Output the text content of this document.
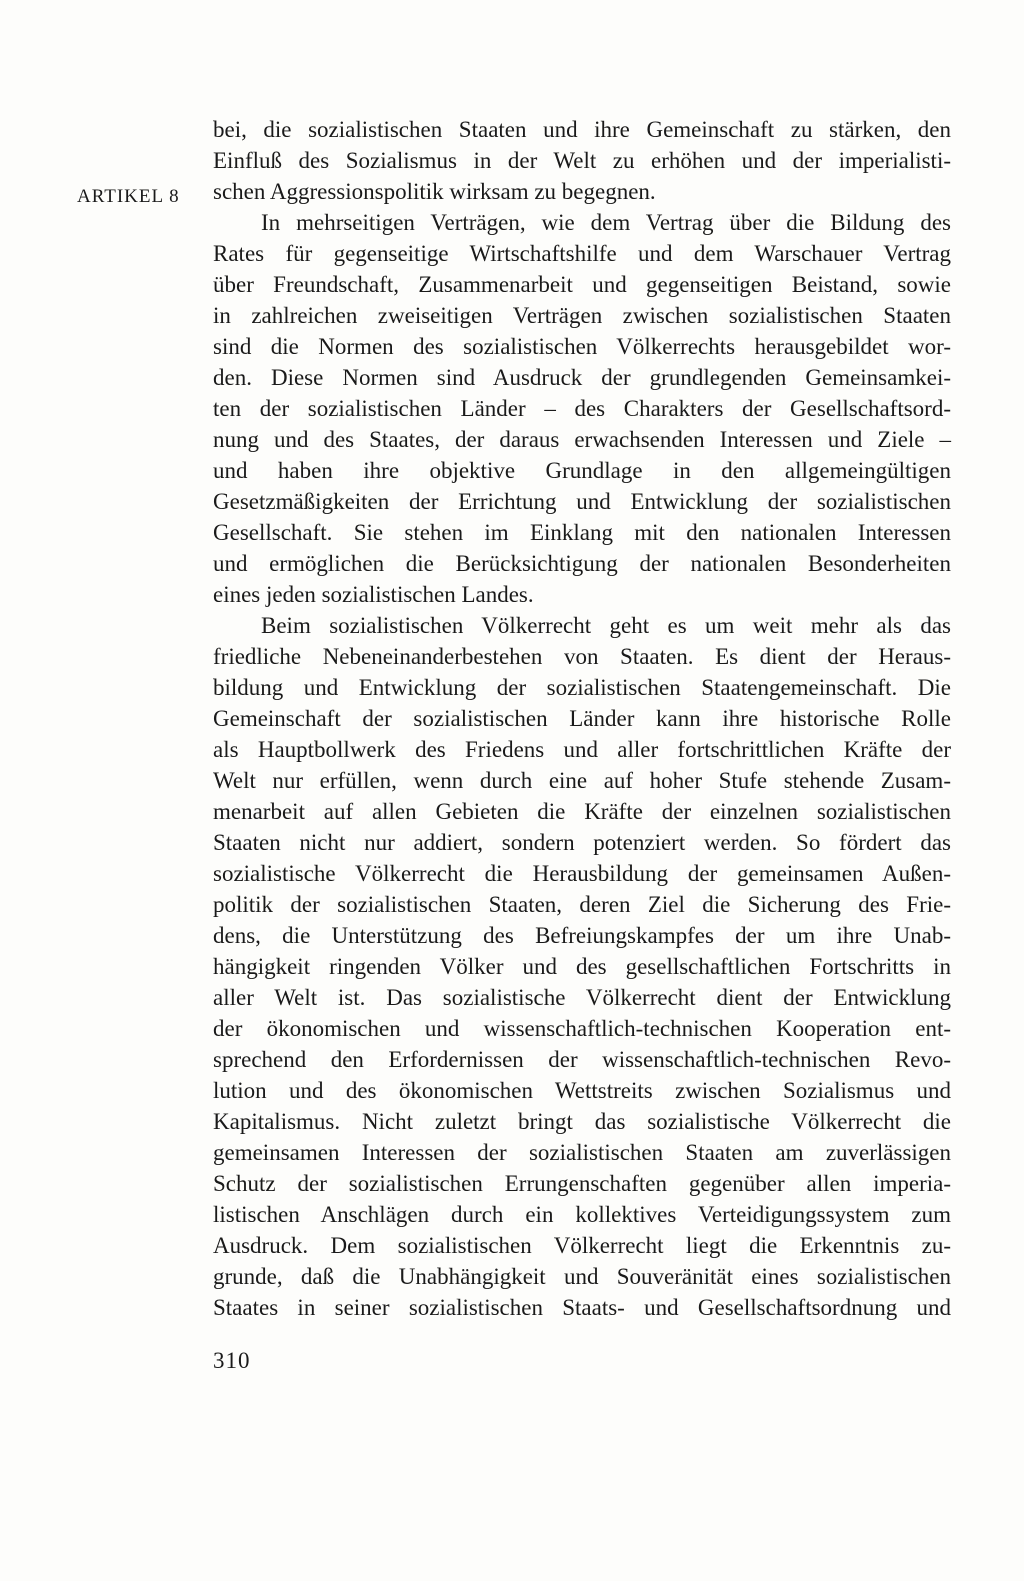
ARTIKEL 8
bei, die sozialistischen Staaten und ihre Gemeinschaft zu stärken, den
Einfluß des Sozialismus in der Welt zu erhöhen und der imperialisti-
schen Aggressionspolitik wirksam zu begegnen.
In mehrseitigen Verträgen, wie dem Vertrag über die Bildung des
Rates für gegenseitige Wirtschaftshilfe und dem Warschauer Vertrag
über Freundschaft, Zusammenarbeit und gegenseitigen Beistand, sowie
in zahlreichen zweiseitigen Verträgen zwischen sozialistischen Staaten
sind die Normen des sozialistischen Völkerrechts herausgebildet wor-
den. Diese Normen sind Ausdruck der grundlegenden Gemeinsamkei-
ten der sozialistischen Länder – des Charakters der Gesellschaftsord-
nung und des Staates, der daraus erwachsenden Interessen und Ziele –
und haben ihre objektive Grundlage in den allgemeingültigen
Gesetzmäßigkeiten der Errichtung und Entwicklung der sozialistischen
Gesellschaft. Sie stehen im Einklang mit den nationalen Interessen
und ermöglichen die Berücksichtigung der nationalen Besonderheiten
eines jeden sozialistischen Landes.
Beim sozialistischen Völkerrecht geht es um weit mehr als das
friedliche Nebeneinanderbestehen von Staaten. Es dient der Heraus-
bildung und Entwicklung der sozialistischen Staatengemeinschaft. Die
Gemeinschaft der sozialistischen Länder kann ihre historische Rolle
als Hauptbollwerk des Friedens und aller fortschrittlichen Kräfte der
Welt nur erfüllen, wenn durch eine auf hoher Stufe stehende Zusam-
menarbeit auf allen Gebieten die Kräfte der einzelnen sozialistischen
Staaten nicht nur addiert, sondern potenziert werden. So fördert das
sozialistische Völkerrecht die Herausbildung der gemeinsamen Außen-
politik der sozialistischen Staaten, deren Ziel die Sicherung des Frie-
dens, die Unterstützung des Befreiungskampfes der um ihre Unab-
hängigkeit ringenden Völker und des gesellschaftlichen Fortschritts in
aller Welt ist. Das sozialistische Völkerrecht dient der Entwicklung
der ökonomischen und wissenschaftlich-technischen Kooperation ent-
sprechend den Erfordernissen der wissenschaftlich-technischen Revo-
lution und des ökonomischen Wettstreits zwischen Sozialismus und
Kapitalismus. Nicht zuletzt bringt das sozialistische Völkerrecht die
gemeinsamen Interessen der sozialistischen Staaten am zuverlässigen
Schutz der sozialistischen Errungenschaften gegenüber allen imperia-
listischen Anschlägen durch ein kollektives Verteidigungssystem zum
Ausdruck. Dem sozialistischen Völkerrecht liegt die Erkenntnis zu-
grunde, daß die Unabhängigkeit und Souveränität eines sozialistischen
Staates in seiner sozialistischen Staats- und Gesellschaftsordnung und
310
